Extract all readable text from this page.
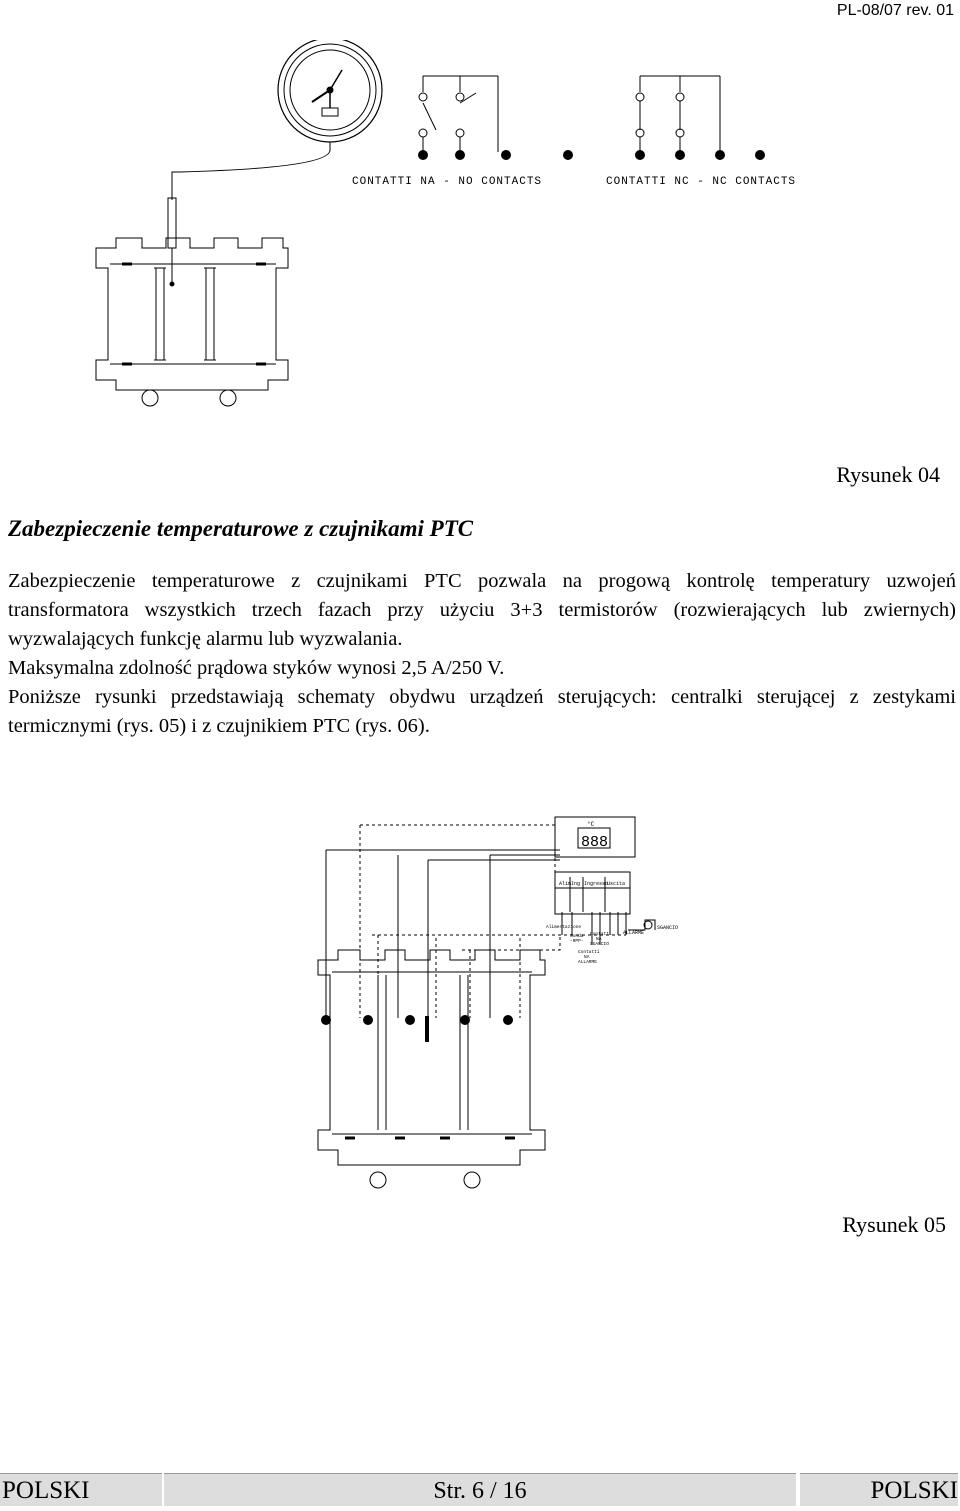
PL-08/07 rev. 01
CONTATTI NA - NO CONTACTS	CONTATTI NC - NC CONTACTS
Rysunek 04
Zabezpieczenie temperaturowe z czujnikami PTC

Zabezpieczenie temperaturowe z czujnikami PTC pozwala na progową kontrolę temperatury uzwojeń transformatora wszystkich trzech fazach przy użyciu 3+3 termistorów (rozwierających lub zwiernych) wyzwalających funkcję alarmu lub wyzwalania.

Maksymalna zdolność prądowa styków wynosi 2,5 A/250 V.

Poniższe rysunki przedstawiają schematy obydwu urządzeń sterujących: centralki sterującej z zestykami termicznymi (rys. 05) i z czujnikiem PTC (rys. 06).

°C
888
Alim Ing Ingresso
Uscita
Alimentazione
Sonda
-RPP-
Contatti
NA
SGANCIO
Contatti
NA
ALLARME
ALLARME
SGANCIO
Rysunek 05
POLSKI	Str. 6 / 16	POLSKI
